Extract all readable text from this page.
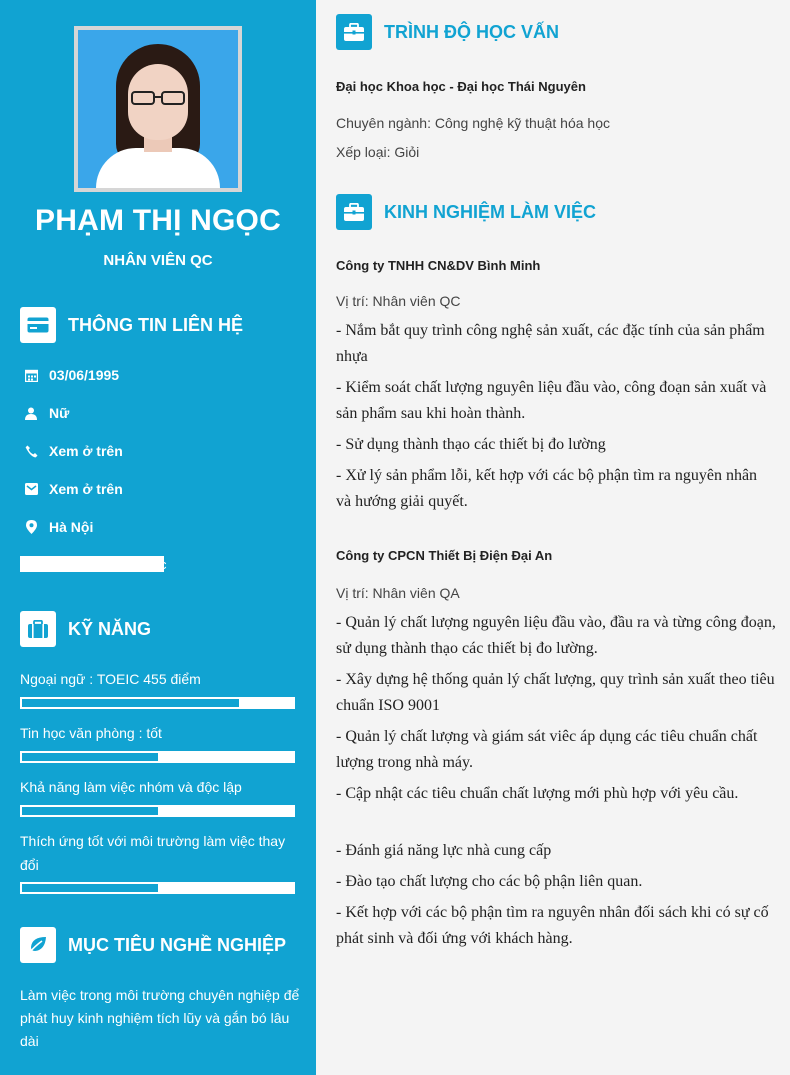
PHẠM THỊ NGỌC
NHÂN VIÊN QC
THÔNG TIN LIÊN HỆ
03/06/1995
Nữ
Xem ở trên
Xem ở trên
Hà Nội
c
KỸ NĂNG
Ngoại ngữ : TOEIC 455 điểm
Tin học văn phòng : tốt
Khả năng làm việc nhóm và độc lập
Thích ứng tốt với môi trường làm việc thay đổi
MỤC TIÊU NGHỀ NGHIỆP
Làm việc trong môi trường chuyên nghiệp để phát huy kinh nghiệm tích lũy và gắn bó lâu dài
TRÌNH ĐỘ HỌC VẤN
Đại học Khoa học - Đại học Thái Nguyên
Chuyên ngành: Công nghệ kỹ thuật hóa học
Xếp loại: Giỏi
KINH NGHIỆM LÀM VIỆC
Công ty TNHH CN&DV Bình Minh
Vị trí: Nhân viên QC
- Nắm bắt quy trình công nghệ sản xuất, các đặc tính của sản phẩm nhựa
- Kiểm soát chất lượng nguyên liệu đầu vào, công đoạn sản xuất và sản phẩm sau khi hoàn thành.
- Sử dụng thành thạo các thiết bị đo lường
- Xử lý sản phẩm lỗi, kết hợp với các bộ phận tìm ra nguyên nhân và hướng giải quyết.
Công ty CPCN Thiết Bị Điện Đại An
Vị trí: Nhân viên QA
- Quản lý chất lượng nguyên liệu đầu vào, đầu ra và từng công đoạn, sử dụng thành thạo các thiết bị đo lường.
- Xây dựng hệ thống quản lý chất lượng, quy trình sản xuất theo tiêu chuẩn ISO 9001
- Quản lý chất lượng và giám sát viêc áp dụng các tiêu chuẩn chất lượng trong nhà máy.
- Cập nhật các tiêu chuẩn chất lượng mới phù hợp với yêu cầu.
- Đánh giá năng lực nhà cung cấp
- Đào tạo chất lượng cho các bộ phận liên quan.
- Kết hợp với các bộ phận tìm ra nguyên nhân đối sách khi có sự cố phát sinh và đối ứng với khách hàng.
